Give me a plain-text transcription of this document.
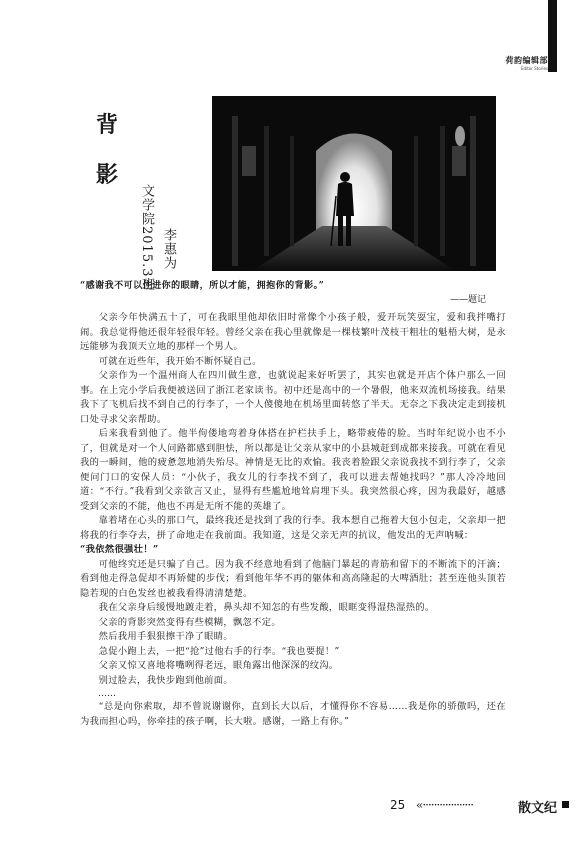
荷韵编辑部
Editor Stories
背
影
文学院2015.3班 李惠为

“感谢我不可以住进你的眼睛，所以才能，拥抱你的背影。”

——题记

父亲今年快满五十了，可在我眼里他却依旧时常像个小孩子般，爱开玩笑耍宝，爱和我拌嘴打闹。我总觉得他还很年轻很年轻。曾经父亲在我心里就像是一棵枝繁叶茂枝干粗壮的魁梧大树，是永远能够为我顶天立地的那样一个男人。

可就在近些年，我开始不断怀疑自己。

父亲作为一个温州商人在四川做生意，也就说起来好听罢了，其实也就是开店个体户那么一回事。在上完小学后我便被送回了浙江老家读书。初中还是高中的一个暑假，他来双流机场接我。结果我下了飞机后找不到自己的行李了，一个人傻傻地在机场里面转悠了半天。无奈之下我决定走到接机口处寻求父亲帮助。

后来我看到他了。他半佝偻地弯着身体搭在护栏扶手上，略带疲倦的脸。当时年纪说小也不小了，但就是对一个人问路都感到胆怯，所以都是让父亲从家中的小县城赶到成都来接我。可就在看见我的一瞬间，他的疲惫忽地消失殆尽。神情是无比的欢愉。我丧着脸跟父亲说我找不到行李了，父亲便问门口的安保人员：“小伙子，我女儿的行李找不到了，我可以进去帮她找吗？”那人冷冷地回道：“不行。”我看到父亲欲言又止，显得有些尴尬地耸肩埋下头。我突然很心疼，因为我最好，越感受到父亲的不能，他也不再是无所不能的英雄了。

靠着堵在心头的那口气，最终我还是找到了我的行李。我本想自己拖着大包小包走，父亲却一把将我的行李夺去，拼了命地走在我前面。我知道，这是父亲无声的抗议，他发出的无声呐喊：

“我依然很强壮！”

可他终究还是只骗了自己。因为我不经意地看到了他脑门暴起的青筋和留下的不断流下的汗滴；看到他走得急促却不再矫健的步伐；看到他年华不再的躯体和高高隆起的大啤酒肚；甚至连他头顶若隐若现的白色发丝也被我看得清清楚楚。

我在父亲身后缓慢地踱走着，鼻头却不知怎的有些发酸，眼眶变得湿热湿热的。

父亲的背影突然变得有些模糊，飘忽不定。

然后我用手狠狠擦干净了眼睛。

急促小跑上去，一把“抢”过他右手的行李。“我也要提！”

父亲又惊又喜地将嘴咧得老远，眼角露出他深深的纹沟。

别过脸去，我快步跑到他前面。

……

“总是向你索取，却不曾说谢谢你，直到长大以后，才懂得你不容易……我是你的骄傲吗，还在为我而担心吗，你牵挂的孩子啊，长大啦。感谢，一路上有你。”

25 «··················	散文纪
